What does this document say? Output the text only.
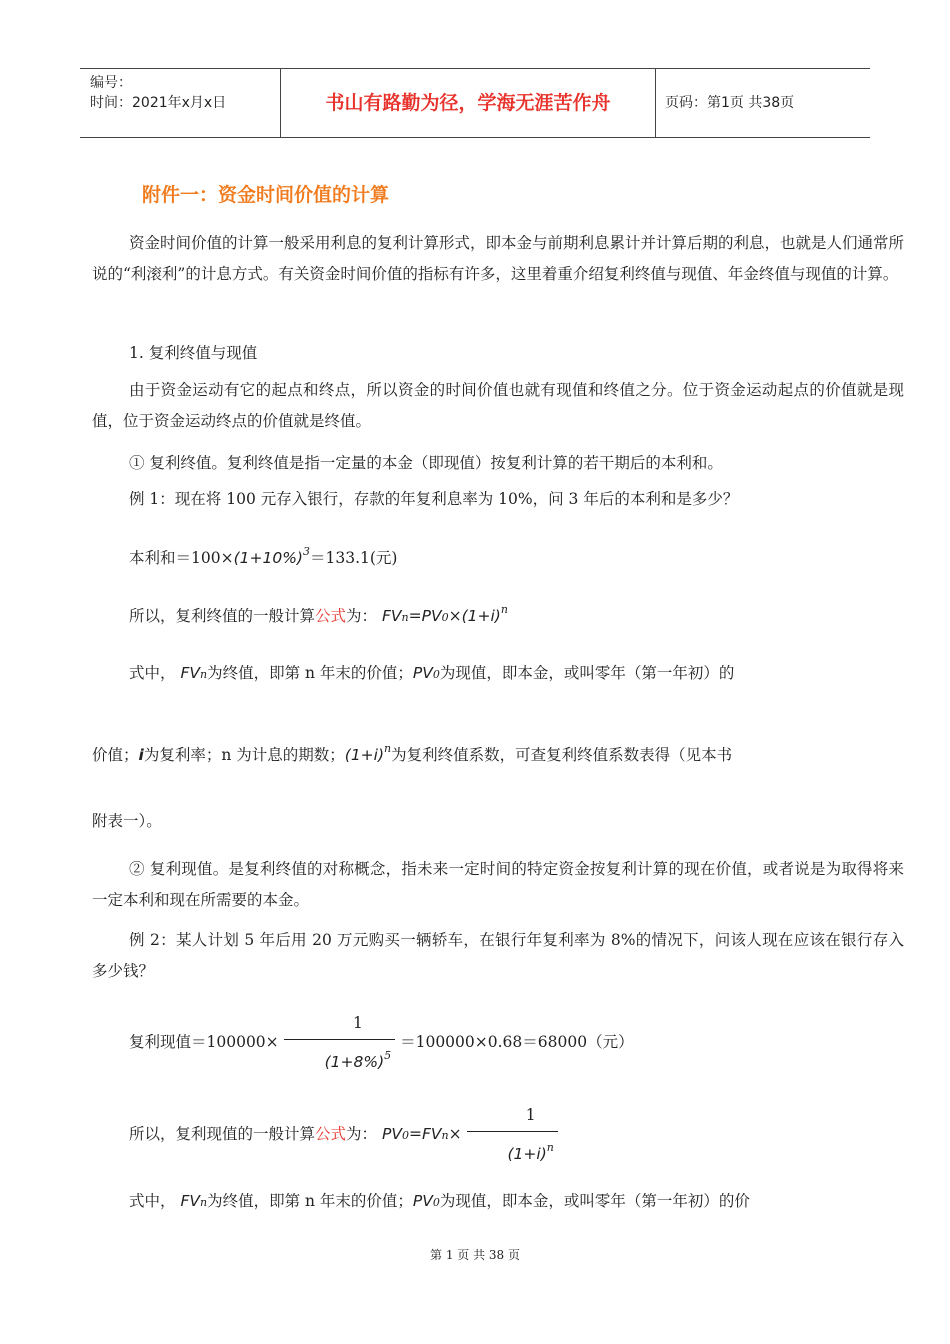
编号：
时间：2021年x月x日	书山有路勤为径，学海无涯苦作舟	页码：第1页 共38页
附件一：资金时间价值的计算
资金时间价值的计算一般采用利息的复利计算形式，即本金与前期利息累计并计算后期的利息，也就是人们通常所说的“利滚利”的计息方式。有关资金时间价值的指标有许多，这里着重介绍复利终值与现值、年金终值与现值的计算。
1. 复利终值与现值
由于资金运动有它的起点和终点，所以资金的时间价值也就有现值和终值之分。位于资金运动起点的价值就是现值，位于资金运动终点的价值就是终值。
① 复利终值。复利终值是指一定量的本金（即现值）按复利计算的若干期后的本利和。
例 1：现在将 100 元存入银行，存款的年复利息率为 10%，问 3 年后的本利和是多少？
本利和$=100\times(1+10\%)^3=133.1$(元)
所以，复利终值的一般计算公式为： $FVn=PV0\times(1+i)^n$
式中， FVn为终值，即第 n 年末的价值；PV0为现值，即本金，或叫零年（第一年初）的
价值；i为复利率；n 为计息的期数；$(1+i)^n$为复利终值系数，可查复利终值系数表得（见本书
附表一）。
② 复利现值。是复利终值的对称概念，指未来一定时间的特定资金按复利计算的现在价值，或者说是为取得将来一定本利和现在所需要的本金。
例 2：某人计划 5 年后用 20 万元购买一辆轿车，在银行年复利率为 8%的情况下，问该人现在应该在银行存入多少钱？
复利现值$=100000\times \frac{1}{(1+8\%)^5} =100000\times 0.68=68000$（元）
所以，复利现值的一般计算公式为： $PV0=FVn\times \frac{1}{(1+i)^n}$
式中， FVn为终值，即第 n 年末的价值；PV0为现值，即本金，或叫零年（第一年初）的价
第 1 页 共 38 页
